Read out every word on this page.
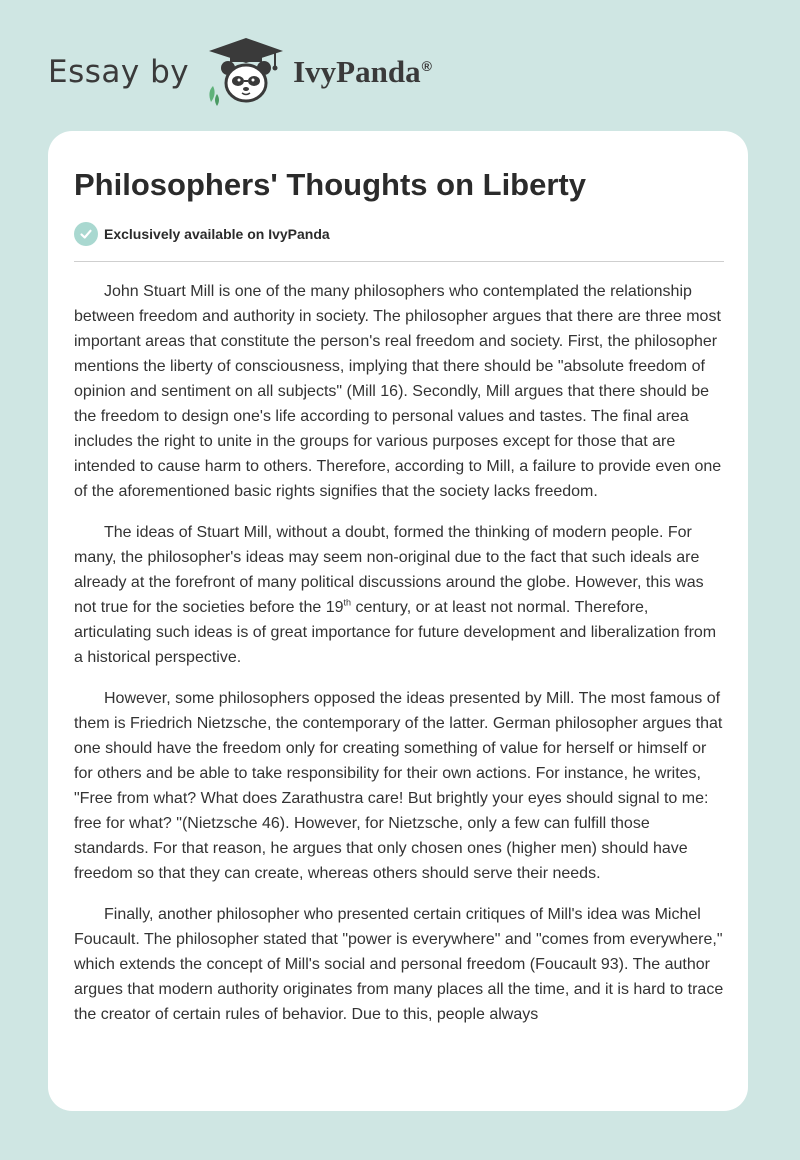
Essay by	IvyPanda®
Philosophers' Thoughts on Liberty
Exclusively available on IvyPanda

John Stuart Mill is one of the many philosophers who contemplated the relationship between freedom and authority in society. The philosopher argues that there are three most important areas that constitute the person's real freedom and society. First, the philosopher mentions the liberty of consciousness, implying that there should be "absolute freedom of opinion and sentiment on all subjects" (Mill 16). Secondly, Mill argues that there should be the freedom to design one's life according to personal values and tastes. The final area includes the right to unite in the groups for various purposes except for those that are intended to cause harm to others. Therefore, according to Mill, a failure to provide even one of the aforementioned basic rights signifies that the society lacks freedom.

The ideas of Stuart Mill, without a doubt, formed the thinking of modern people. For many, the philosopher's ideas may seem non-original due to the fact that such ideals are already at the forefront of many political discussions around the globe. However, this was not true for the societies before the 19th century, or at least not normal. Therefore, articulating such ideas is of great importance for future development and liberalization from a historical perspective.

However, some philosophers opposed the ideas presented by Mill. The most famous of them is Friedrich Nietzsche, the contemporary of the latter. German philosopher argues that one should have the freedom only for creating something of value for herself or himself or for others and be able to take responsibility for their own actions. For instance, he writes, "Free from what? What does Zarathustra care! But brightly your eyes should signal to me: free for what? "(Nietzsche 46). However, for Nietzsche, only a few can fulfill those standards. For that reason, he argues that only chosen ones (higher men) should have freedom so that they can create, whereas others should serve their needs.

Finally, another philosopher who presented certain critiques of Mill's idea was Michel Foucault. The philosopher stated that "power is everywhere" and "comes from everywhere," which extends the concept of Mill's social and personal freedom (Foucault 93). The author argues that modern authority originates from many places all the time, and it is hard to trace the creator of certain rules of behavior. Due to this, people always
